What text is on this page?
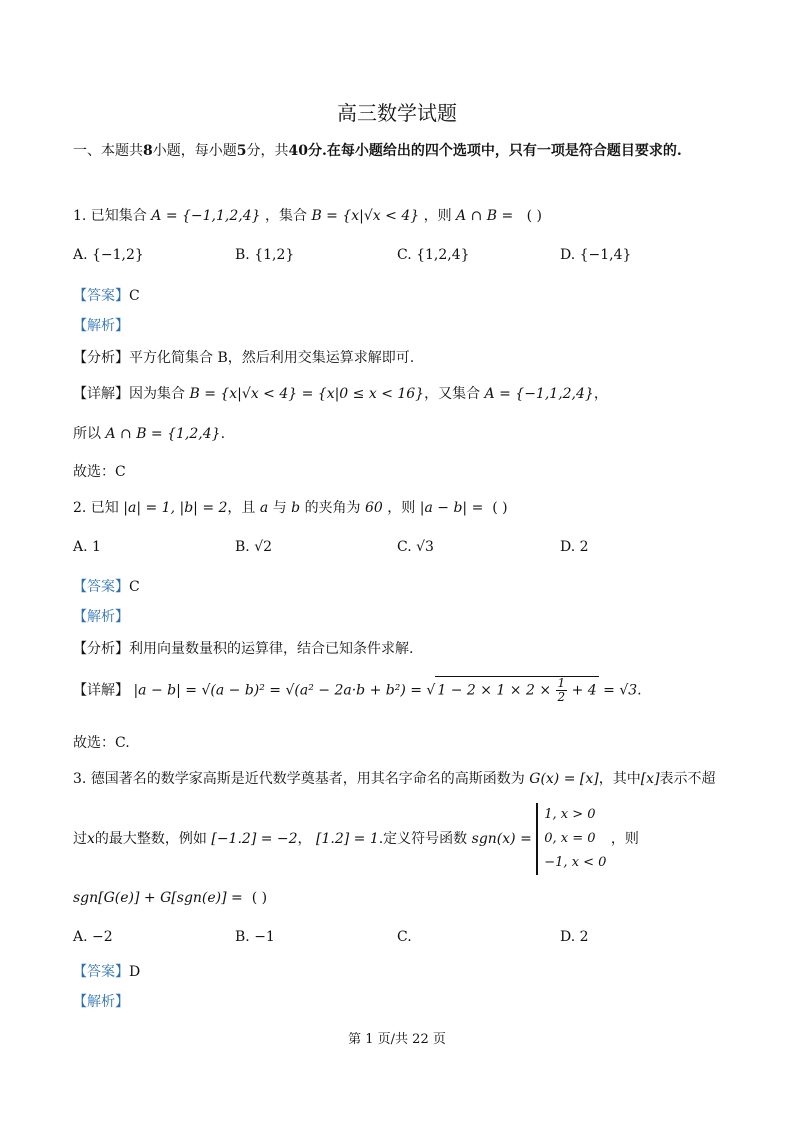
高三数学试题
一、本题共8小题，每小题5分，共40分.在每小题给出的四个选项中，只有一项是符合题目要求的.
1. 已知集合 A = {−1,1,2,4} ，集合 B = {x|√x < 4} ，则 A ∩ B = ( )
A. {−1,2}	B. {1,2}	C. {1,2,4}	D. {−1,4}
【答案】C
【解析】
【分析】平方化简集合 B，然后利用交集运算求解即可.
【详解】因为集合 B = {x|√x < 4} = {x|0 ≤ x < 16}，又集合 A = {−1,1,2,4}，
所以 A ∩ B = {1,2,4}.
故选：C
2. 已知 |a| = 1, |b| = 2，且 a 与 b 的夹角为 60 ，则 |a − b| = ( )
A. 1	B. √2	C. √3	D. 2
【答案】C
【解析】
【分析】利用向量数量积的运算律，结合已知条件求解.
【详解】 |a − b| = √(a − b)² = √(a² − 2a·b + b²) = √ $1 - 2 \times 1 \times 2 \times \frac{1}{2} + 4 = √3$.
故选：C.
3. 德国著名的数学家高斯是近代数学奠基者，用其名字命名的高斯函数为 G(x) = [x]，其中[x]表示不超
过x的最大整数，例如 [−1.2] = −2， [1.2] = 1.定义符号函数 sgn(x) =
1, x > 0
0, x = 0
−1, x < 0
，则
sgn[G(e)] + G[sgn(e)] = ( )
A. −2	B. −1	C.	D. 2
【答案】D
【解析】
第 1 页/共 22 页
